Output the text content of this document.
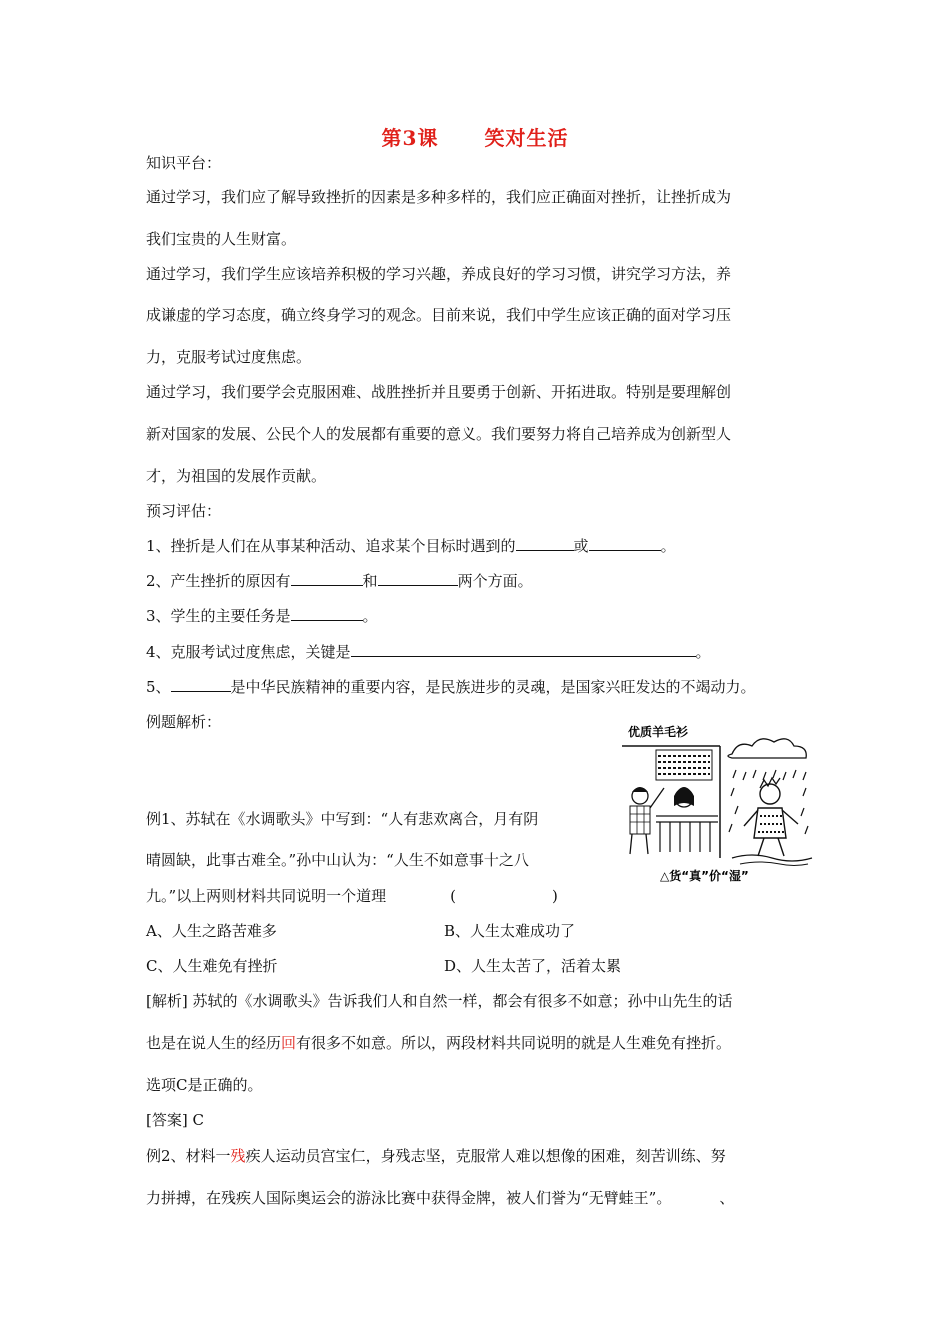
第3课 笑对生活
知识平台：
通过学习，我们应了解导致挫折的因素是多种多样的，我们应正确面对挫折，让挫折成为
我们宝贵的人生财富。
通过学习，我们学生应该培养积极的学习兴趣，养成良好的学习习惯，讲究学习方法，养
成谦虚的学习态度，确立终身学习的观念。目前来说，我们中学生应该正确的面对学习压
力，克服考试过度焦虑。
通过学习，我们要学会克服困难、战胜挫折并且要勇于创新、开拓进取。特别是要理解创
新对国家的发展、公民个人的发展都有重要的意义。我们要努力将自己培养成为创新型人
才，为祖国的发展作贡献。
预习评估：
1、挫折是人们在从事某种活动、追求某个目标时遇到的	或	。
2、产生挫折的原因有	和	两个方面。
3、学生的主要任务是	。
4、克服考试过度焦虑，关键是	。
5、	是中华民族精神的重要内容，是民族进步的灵魂，是国家兴旺发达的不竭动力。
例题解析：
优质羊毛衫
△货“真”价“湿”
例1、苏轼在《水调歌头》中写到：“人有悲欢离合，月有阴
晴圆缺，此事古难全。”孙中山认为：“人生不如意事十之八
九。”以上两则材料共同说明一个道理	(	)
A、人生之路苦难多	B、人生太难成功了
C、人生难免有挫折	D、人生太苦了，活着太累
[解析] 苏轼的《水调歌头》告诉我们人和自然一样，都会有很多不如意；孙中山先生的话
也是在说人生的经历回有很多不如意。所以，两段材料共同说明的就是人生难免有挫折。
选项C是正确的。
[答案] C
例2、材料一残疾人运动员宫宝仁，身残志坚，克服常人难以想像的困难，刻苦训练、努
力拼搏，在残疾人国际奥运会的游泳比赛中获得金牌，被人们誉为“无臂蛙王”。	、
